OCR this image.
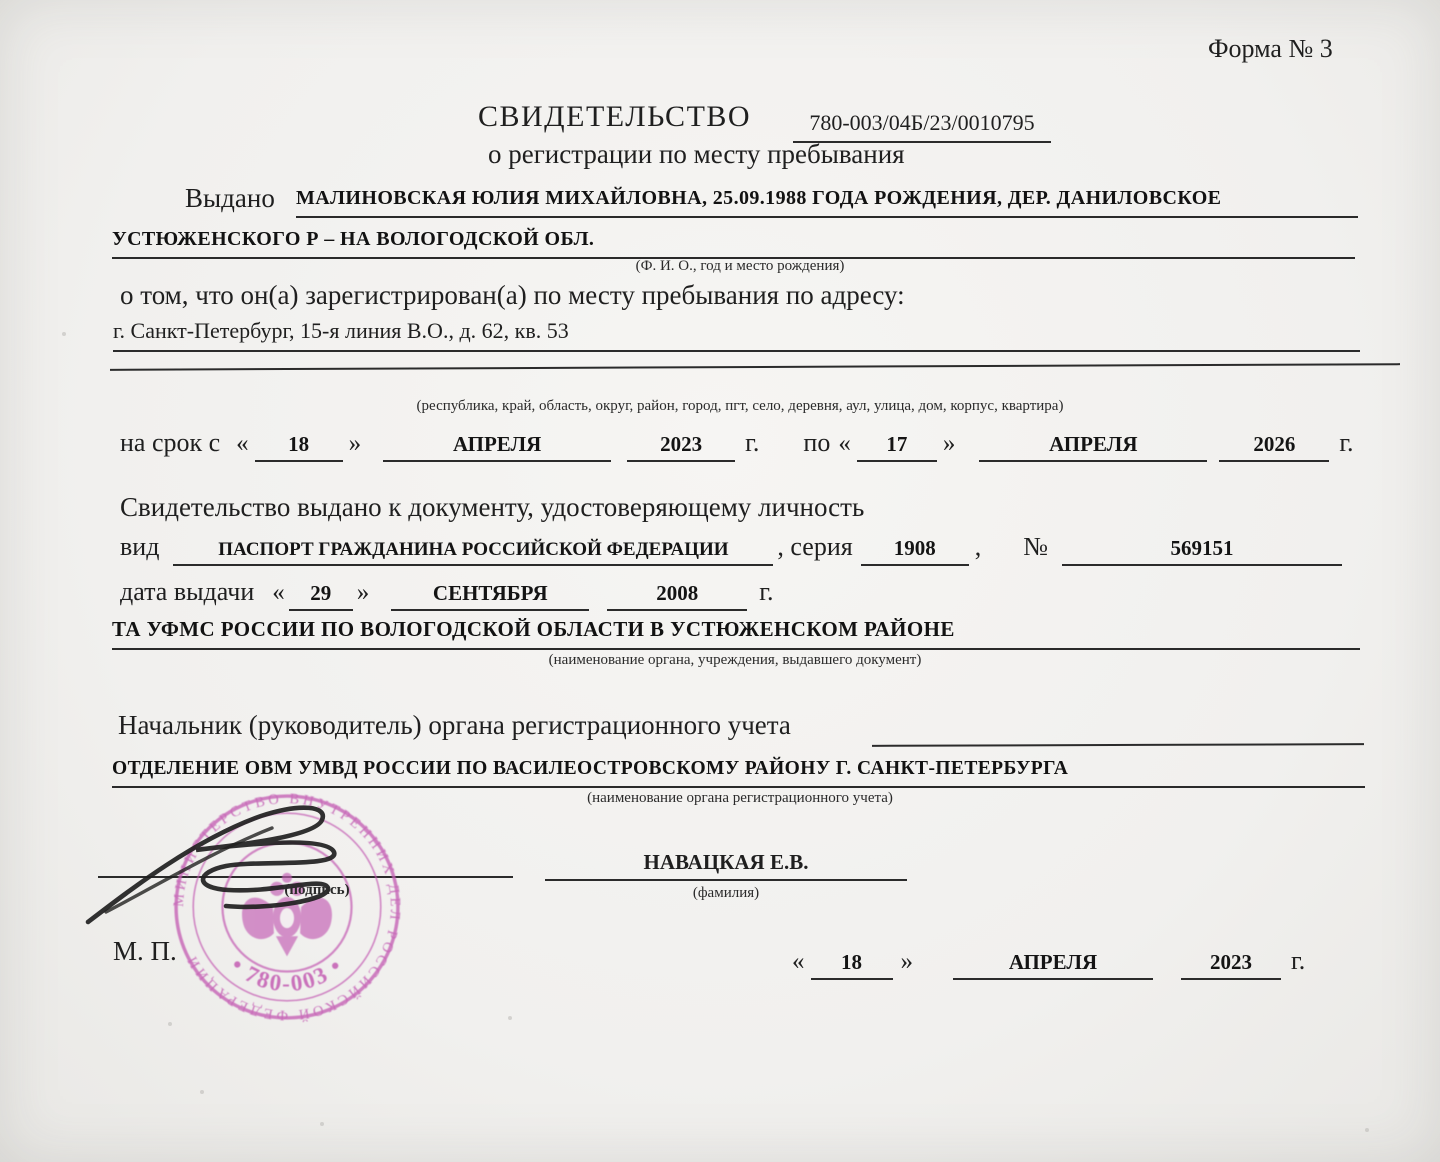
Форма № 3
СВИДЕТЕЛЬСТВО	780-003/04Б/23/0010795
о регистрации по месту пребывания
Выдано МАЛИНОВСКАЯ ЮЛИЯ МИХАЙЛОВНА, 25.09.1988 ГОДА РОЖДЕНИЯ, ДЕР. ДАНИЛОВСКОЕ
УСТЮЖЕНСКОГО Р – НА ВОЛОГОДСКОЙ ОБЛ.
(Ф. И. О., год и место рождения)
о том, что он(а) зарегистрирован(а) по месту пребывания по адресу:
г. Санкт-Петербург, 15-я линия В.О., д. 62, кв. 53
(республика, край, область, округ, район, город, пгт, село, деревня, аул, улица, дом, корпус, квартира)
на срок с «	18	»	АПРЕЛЯ	2023	г. по «	17	»	АПРЕЛЯ	2026	г.
Свидетельство выдано к документу, удостоверяющему личность
вид	ПАСПОРТ ГРАЖДАНИНА РОССИЙСКОЙ ФЕДЕРАЦИИ	, серия	1908	, №	569151
дата выдачи «	29	»	СЕНТЯБРЯ	2008	г.
ТА УФМС РОССИИ ПО ВОЛОГОДСКОЙ ОБЛАСТИ В УСТЮЖЕНСКОМ РАЙОНЕ
(наименование органа, учреждения, выдавшего документ)
Начальник (руководитель) органа регистрационного учета
ОТДЕЛЕНИЕ ОВМ УМВД РОССИИ ПО ВАСИЛЕОСТРОВСКОМУ РАЙОНУ Г. САНКТ-ПЕТЕРБУРГА
(наименование органа регистрационного учета)
(подпись)
НАВАЦКАЯ Е.В.
(фамилия)
МИНИСТЕРСТВО ВНУТРЕННИХ ДЕЛ РОССИЙСКОЙ ФЕДЕРАЦИИ • 780-003 •
М. П.	«	18	»	АПРЕЛЯ	2023	г.
